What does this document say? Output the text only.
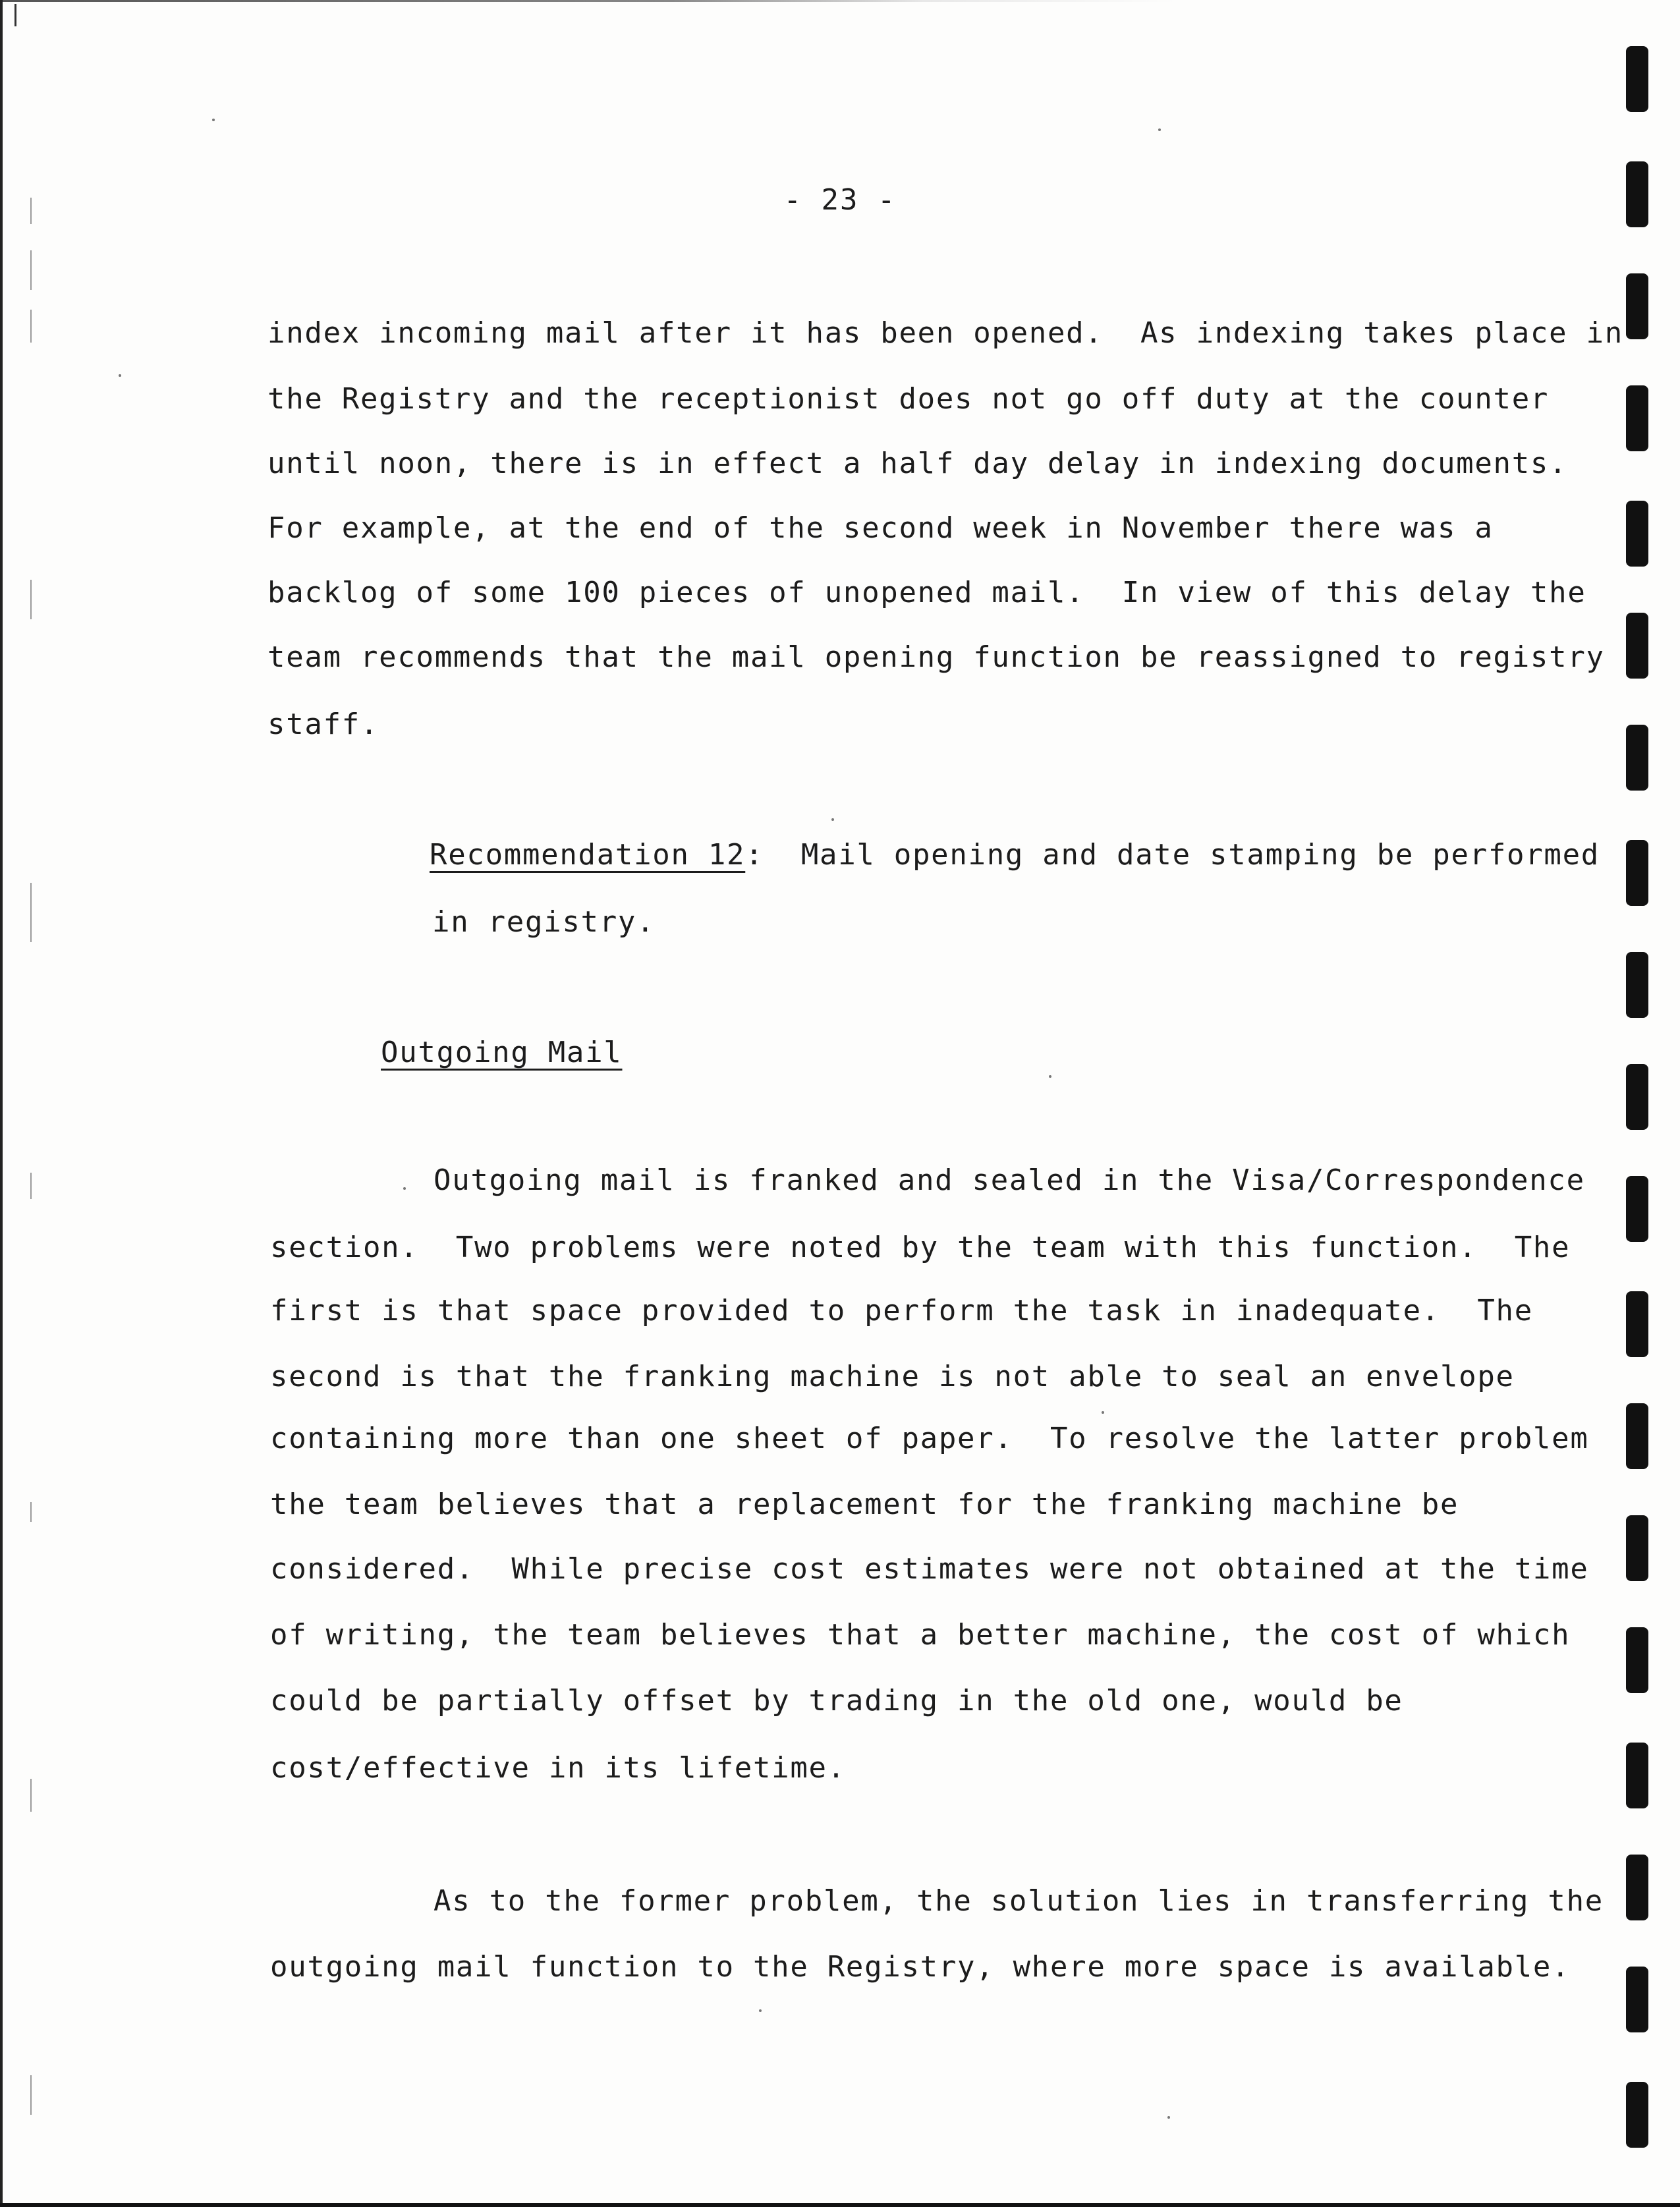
- 23 -
index incoming mail after it has been opened.  As indexing takes place in
the Registry and the receptionist does not go off duty at the counter
until noon, there is in effect a half day delay in indexing documents.
For example, at the end of the second week in November there was a
backlog of some 100 pieces of unopened mail.  In view of this delay the
team recommends that the mail opening function be reassigned to registry
staff.
Recommendation 12:  Mail opening and date stamping be performed
in registry.
Outgoing Mail
Outgoing mail is franked and sealed in the Visa/Correspondence
section.  Two problems were noted by the team with this function.  The
first is that space provided to perform the task in inadequate.  The
second is that the franking machine is not able to seal an envelope
containing more than one sheet of paper.  To resolve the latter problem
the team believes that a replacement for the franking machine be
considered.  While precise cost estimates were not obtained at the time
of writing, the team believes that a better machine, the cost of which
could be partially offset by trading in the old one, would be
cost/effective in its lifetime.
As to the former problem, the solution lies in transferring the
outgoing mail function to the Registry, where more space is available.
